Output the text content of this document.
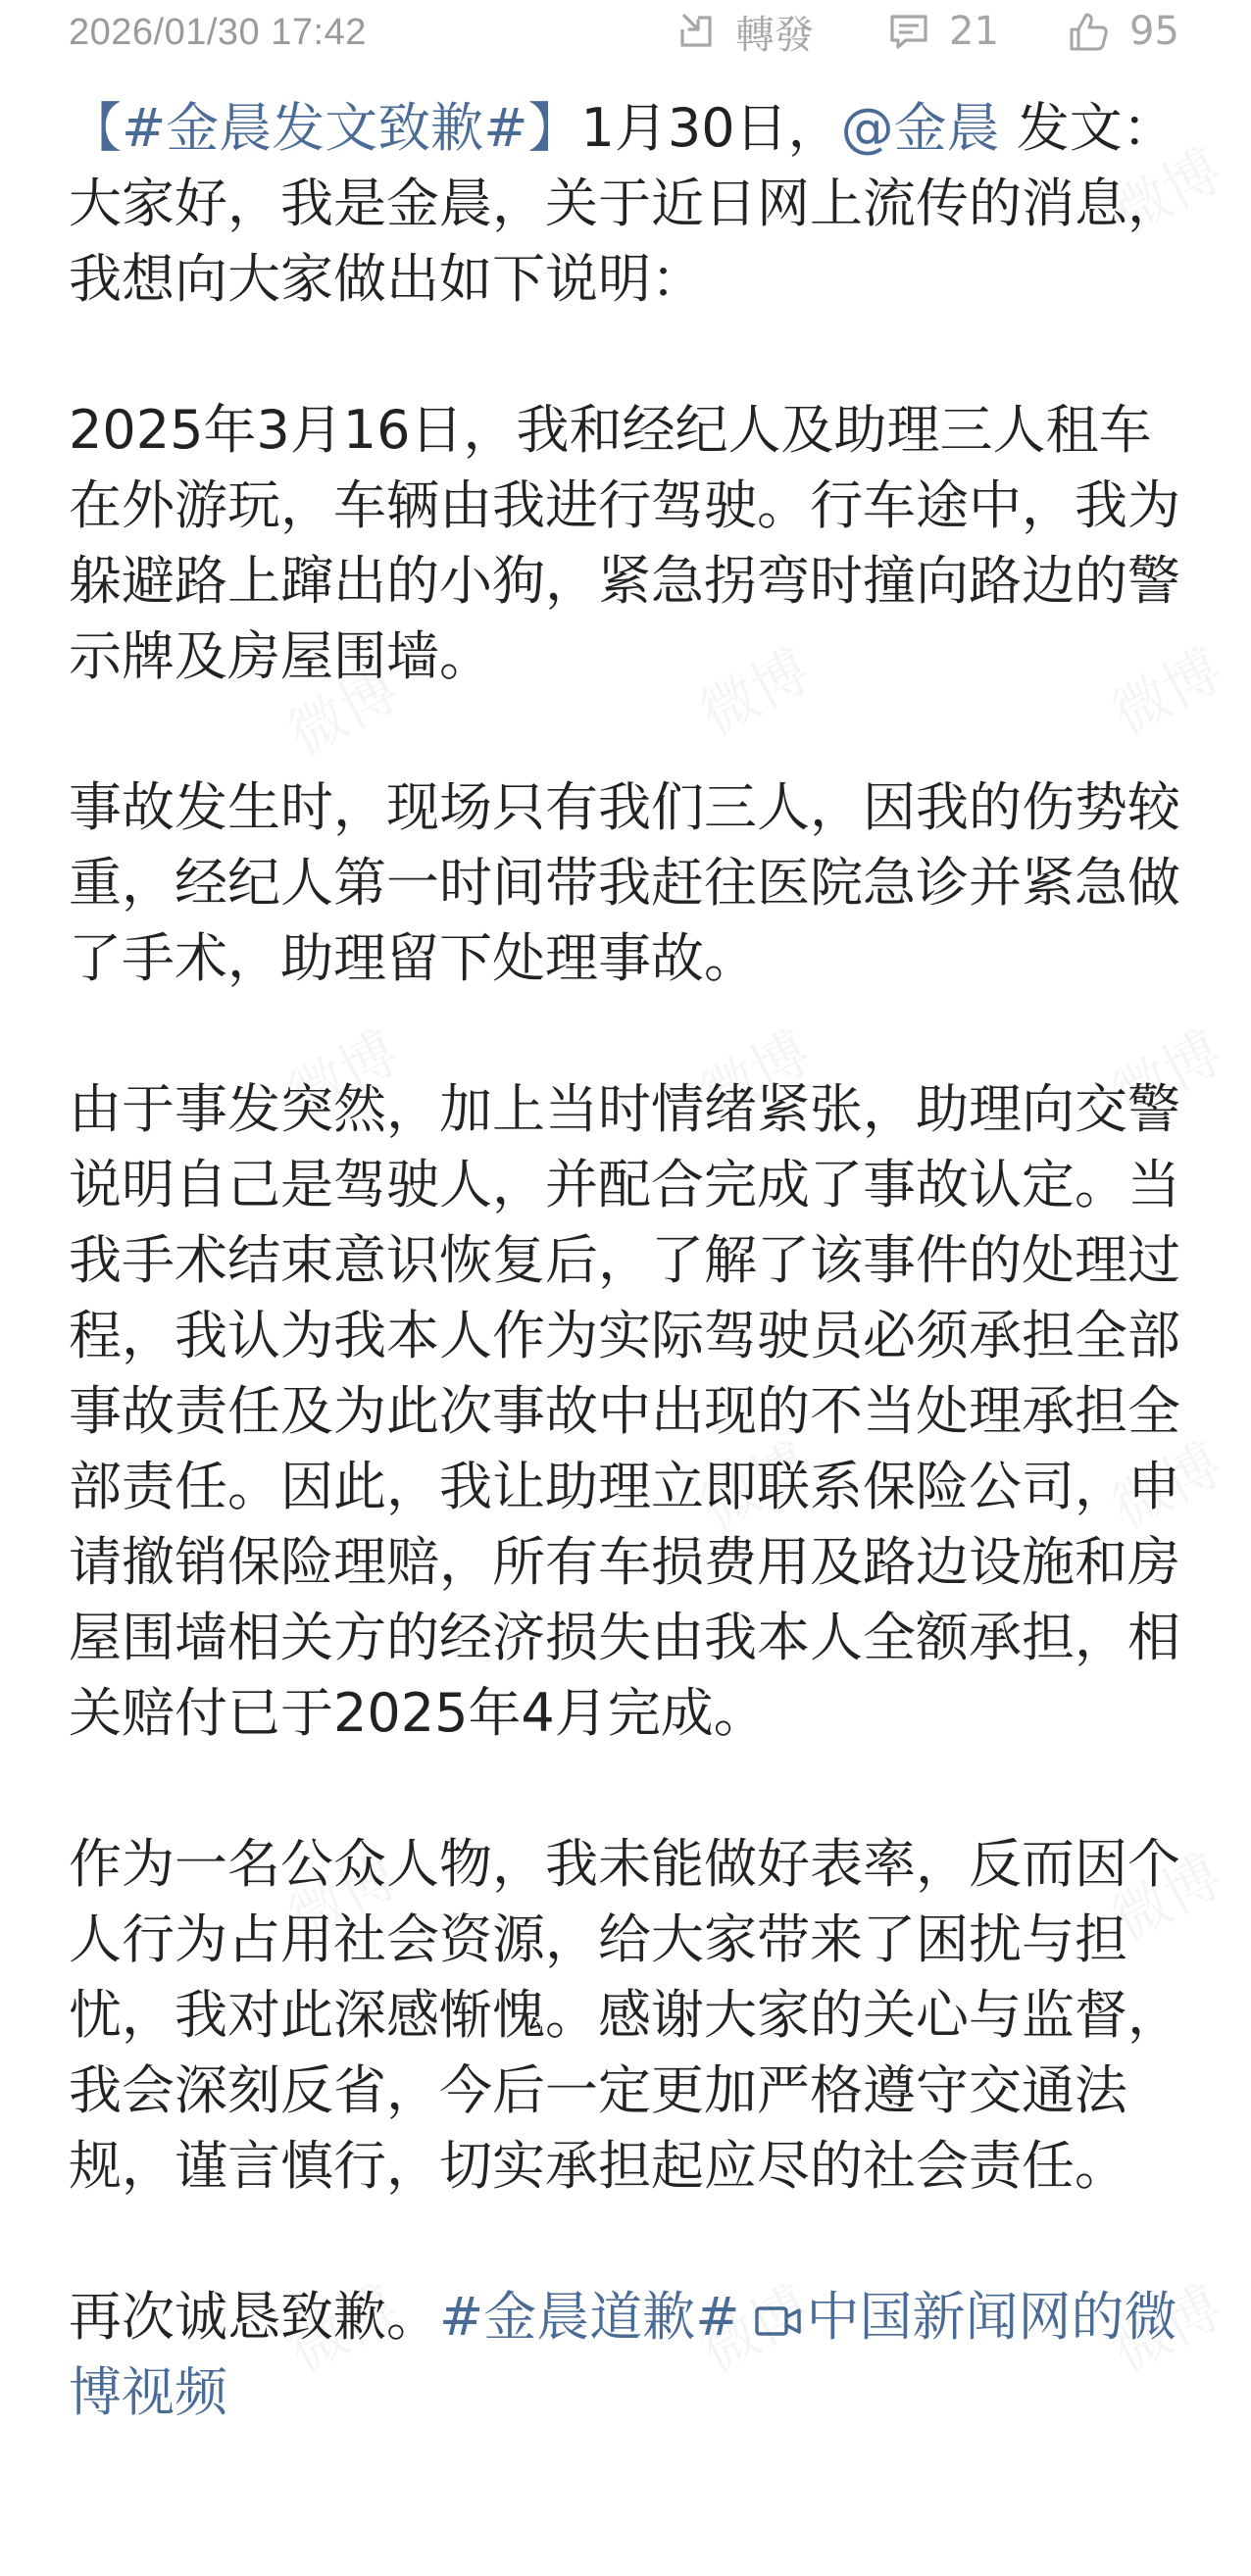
2026/01/30 17:42	轉發	21	95

【#金晨发文致歉#】1月30日，@金晨 发文：大家好，我是金晨，关于近日网上流传的消息，我想向大家做出如下说明：

2025年3月16日，我和经纪人及助理三人租车在外游玩，车辆由我进行驾驶。行车途中，我为躲避路上蹿出的小狗，紧急拐弯时撞向路边的警示牌及房屋围墙。

事故发生时，现场只有我们三人，因我的伤势较重，经纪人第一时间带我赶往医院急诊并紧急做了手术，助理留下处理事故。

由于事发突然，加上当时情绪紧张，助理向交警说明自己是驾驶人，并配合完成了事故认定。当我手术结束意识恢复后，了解了该事件的处理过程，我认为我本人作为实际驾驶员必须承担全部事故责任及为此次事故中出现的不当处理承担全部责任。因此，我让助理立即联系保险公司，申请撤销保险理赔，所有车损费用及路边设施和房屋围墙相关方的经济损失由我本人全额承担，相关赔付已于2025年4月完成。

作为一名公众人物，我未能做好表率，反而因个人行为占用社会资源，给大家带来了困扰与担忧，我对此深感惭愧。感谢大家的关心与监督，我会深刻反省，今后一定更加严格遵守交通法规，谨言慎行，切实承担起应尽的社会责任。

再次诚恳致歉。#金晨道歉# 中国新闻网的微博视频
